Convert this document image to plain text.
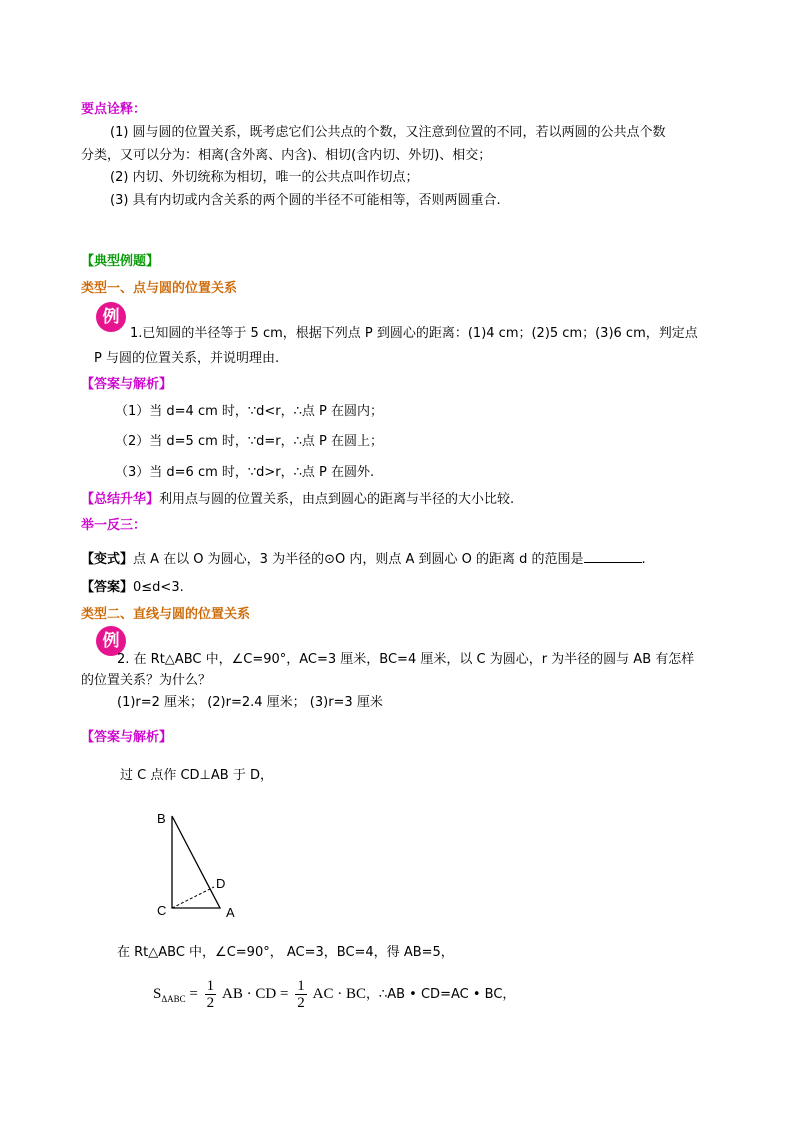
要点诠释：
(1) 圆与圆的位置关系，既考虑它们公共点的个数，又注意到位置的不同，若以两圆的公共点个数
分类，又可以分为：相离(含外离、内含)、相切(含内切、外切)、相交；
(2) 内切、外切统称为相切，唯一的公共点叫作切点；
(3) 具有内切或内含关系的两个圆的半径不可能相等，否则两圆重合.
【典型例题】
类型一、点与圆的位置关系
例
1.已知圆的半径等于 5 cm，根据下列点 P 到圆心的距离：(1)4 cm；(2)5 cm；(3)6 cm，判定点
P 与圆的位置关系，并说明理由.
【答案与解析】
（1）当 d=4 cm 时，∵d<r，∴点 P 在圆内；
（2）当 d=5 cm 时，∵d=r，∴点 P 在圆上；
（3）当 d=6 cm 时，∵d>r，∴点 P 在圆外.
【总结升华】利用点与圆的位置关系，由点到圆心的距离与半径的大小比较.
举一反三：
【变式】点 A 在以 O 为圆心，3 为半径的⊙O 内，则点 A 到圆心 O 的距离 d 的范围是	.
【答案】0≤d<3.
类型二、直线与圆的位置关系
例
2. 在 Rt△ABC 中，∠C=90°，AC=3 厘米，BC=4 厘米，以 C 为圆心，r 为半径的圆与 AB 有怎样
的位置关系？为什么？
(1)r=2 厘米； (2)r=2.4 厘米； (3)r=3 厘米
【答案与解析】
过 C 点作 CD⊥AB 于 D，
B
C	A
D
在 Rt△ABC 中，∠C=90°， AC=3，BC=4，得 AB=5，
$S_{\Delta ABC} = \frac{1}{2}$ AB · CD = $\frac{1}{2}$ AC · BC，∴AB • CD=AC • BC，
